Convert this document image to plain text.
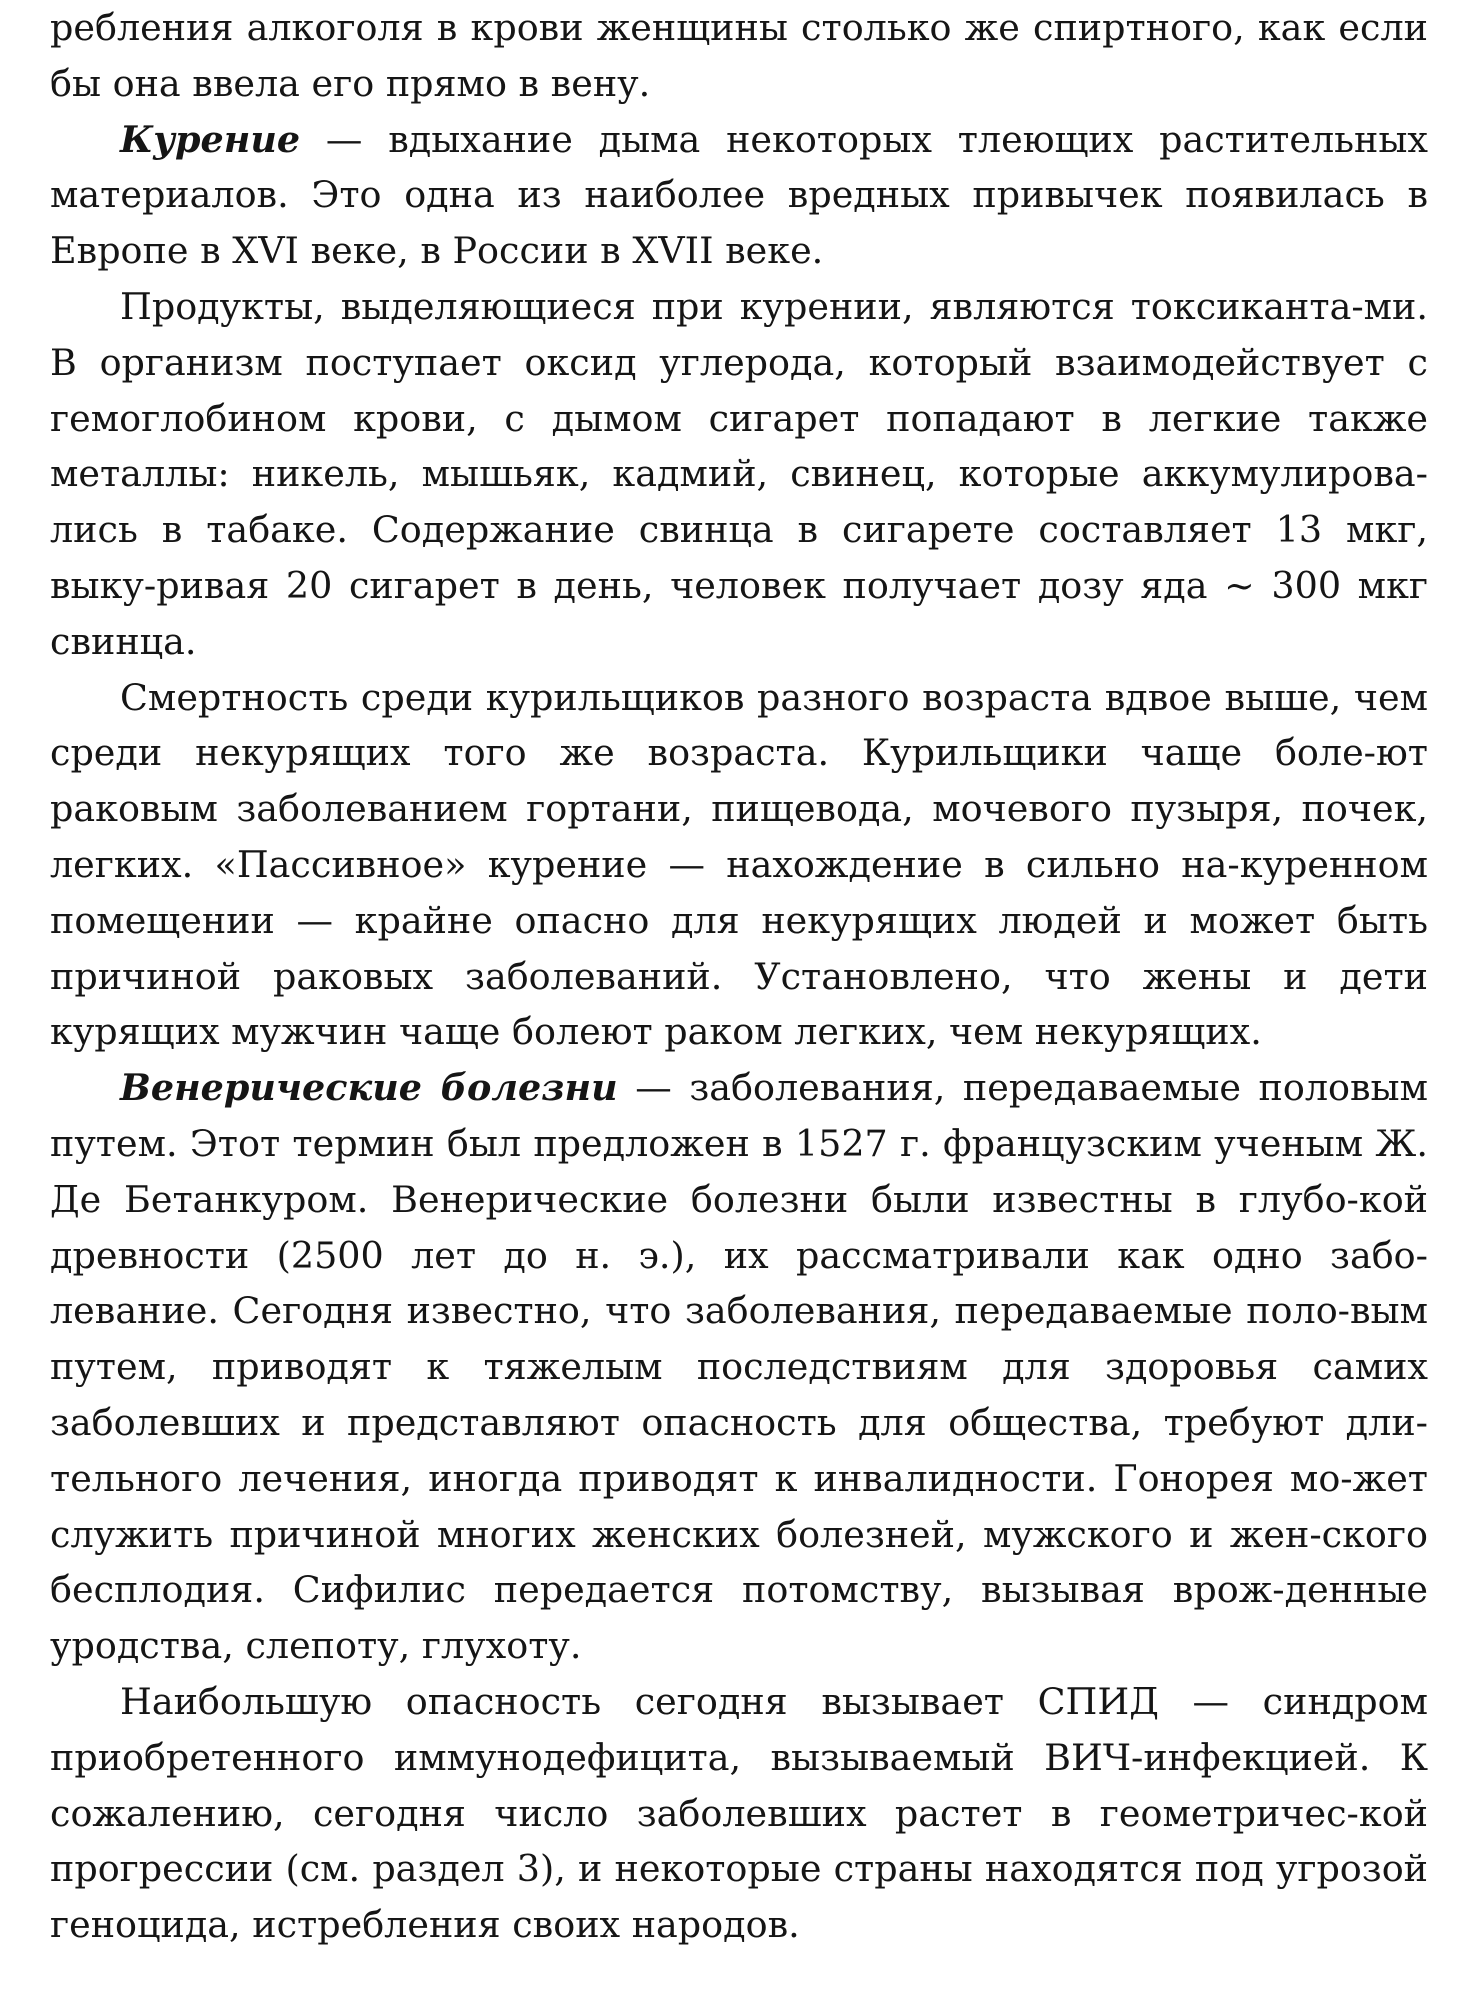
ребления алкоголя в крови женщины столько же спиртного, как если бы она ввела его прямо в вену.

Курение — вдыхание дыма некоторых тлеющих растительных материалов. Это одна из наиболее вредных привычек появилась в Европе в XVI веке, в России в XVII веке.

Продукты, выделяющиеся при курении, являются токсиканта-ми. В организм поступает оксид углерода, который взаимодействует с гемоглобином крови, с дымом сигарет попадают в легкие также металлы: никель, мышьяк, кадмий, свинец, которые аккумулирова-лись в табаке. Содержание свинца в сигарете составляет 13 мкг, выку-ривая 20 сигарет в день, человек получает дозу яда ~ 300 мкг свинца.

Смертность среди курильщиков разного возраста вдвое выше, чем среди некурящих того же возраста. Курильщики чаще боле-ют раковым заболеванием гортани, пищевода, мочевого пузыря, почек, легких. «Пассивное» курение — нахождение в сильно на-куренном помещении — крайне опасно для некурящих людей и может быть причиной раковых заболеваний. Установлено, что жены и дети курящих мужчин чаще болеют раком легких, чем некурящих.

Венерические болезни — заболевания, передаваемые половым путем. Этот термин был предложен в 1527 г. французским ученым Ж. Де Бетанкуром. Венерические болезни были известны в глубо-кой древности (2500 лет до н. э.), их рассматривали как одно забо-левание. Сегодня известно, что заболевания, передаваемые поло-вым путем, приводят к тяжелым последствиям для здоровья самих заболевших и представляют опасность для общества, требуют дли-тельного лечения, иногда приводят к инвалидности. Гонорея мо-жет служить причиной многих женских болезней, мужского и жен-ского бесплодия. Сифилис передается потомству, вызывая врож-денные уродства, слепоту, глухоту.

Наибольшую опасность сегодня вызывает СПИД — синдром приобретенного иммунодефицита, вызываемый ВИЧ-инфекцией. К сожалению, сегодня число заболевших растет в геометричес-кой прогрессии (см. раздел 3), и некоторые страны находятся под угрозой геноцида, истребления своих народов.
